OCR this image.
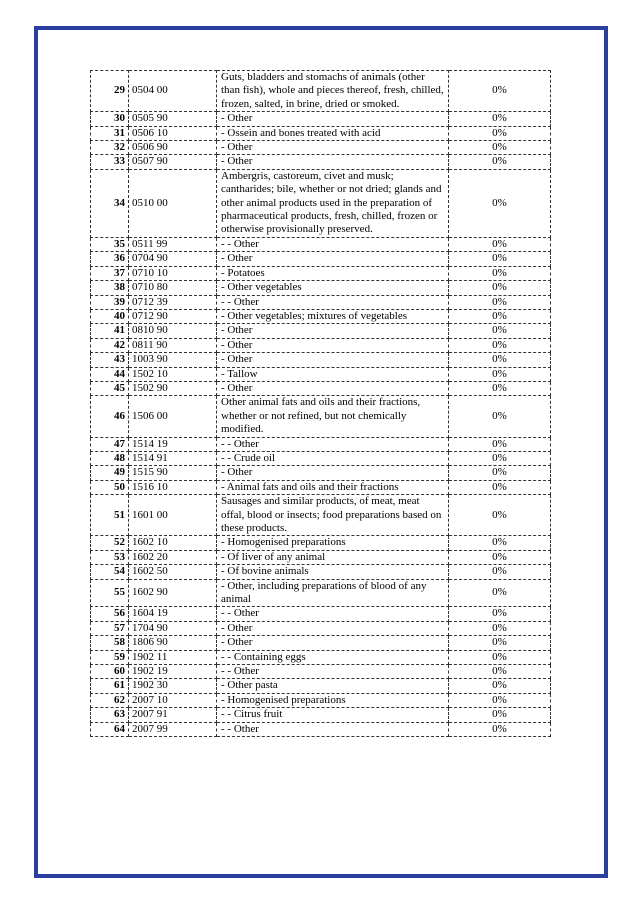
29	0504 00	Guts, bladders and stomachs of animals (other than fish), whole and pieces thereof, fresh, chilled, frozen, salted, in brine, dried or smoked.	0%
30	0505 90	- Other	0%
31	0506 10	- Ossein and bones treated with acid	0%
32	0506 90	- Other	0%
33	0507 90	- Other	0%
34	0510 00	Ambergris, castoreum, civet and musk; cantharides; bile, whether or not dried; glands and other animal products used in the preparation of pharmaceutical products, fresh, chilled, frozen or otherwise provisionally preserved.	0%
35	0511 99	- - Other	0%
36	0704 90	- Other	0%
37	0710 10	- Potatoes	0%
38	0710 80	- Other vegetables	0%
39	0712 39	- - Other	0%
40	0712 90	- Other vegetables; mixtures of vegetables	0%
41	0810 90	- Other	0%
42	0811 90	- Other	0%
43	1003 90	- Other	0%
44	1502 10	- Tallow	0%
45	1502 90	- Other	0%
46	1506 00	Other animal fats and oils and their fractions, whether or not refined, but not chemically modified.	0%
47	1514 19	- - Other	0%
48	1514 91	- - Crude oil	0%
49	1515 90	- Other	0%
50	1516 10	- Animal fats and oils and their fractions	0%
51	1601 00	Sausages and similar products, of meat, meat offal, blood or insects; food preparations based on these products.	0%
52	1602 10	- Homogenised preparations	0%
53	1602 20	- Of liver of any animal	0%
54	1602 50	- Of bovine animals	0%
55	1602 90	- Other, including preparations of blood of any animal	0%
56	1604 19	- - Other	0%
57	1704 90	- Other	0%
58	1806 90	- Other	0%
59	1902 11	- - Containing eggs	0%
60	1902 19	- - Other	0%
61	1902 30	- Other pasta	0%
62	2007 10	- Homogenised preparations	0%
63	2007 91	- - Citrus fruit	0%
64	2007 99	- - Other	0%
